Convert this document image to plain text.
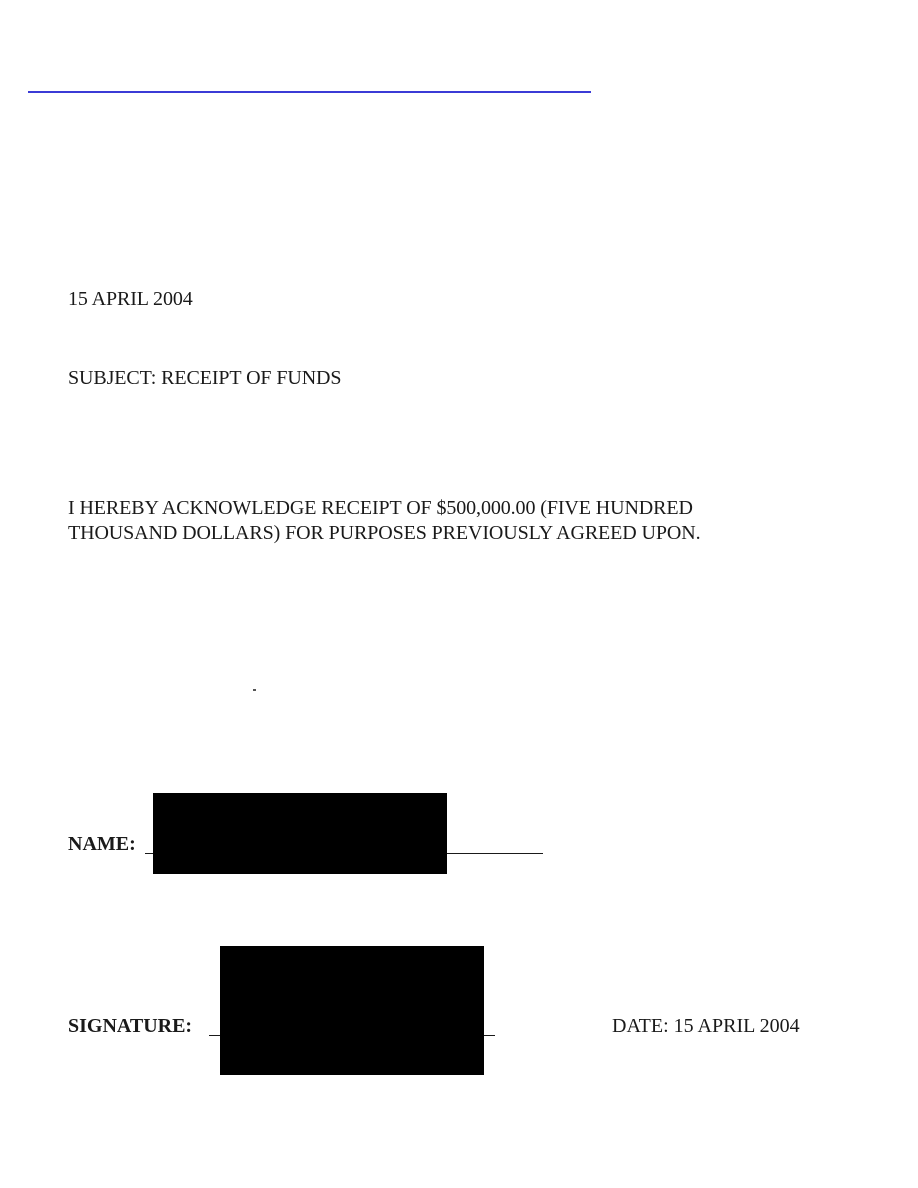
15 APRIL 2004
SUBJECT: RECEIPT OF FUNDS
I HEREBY ACKNOWLEDGE RECEIPT OF $500,000.00 (FIVE HUNDRED
THOUSAND DOLLARS) FOR PURPOSES PREVIOUSLY AGREED UPON.
NAME:
SIGNATURE:	DATE: 15 APRIL 2004
